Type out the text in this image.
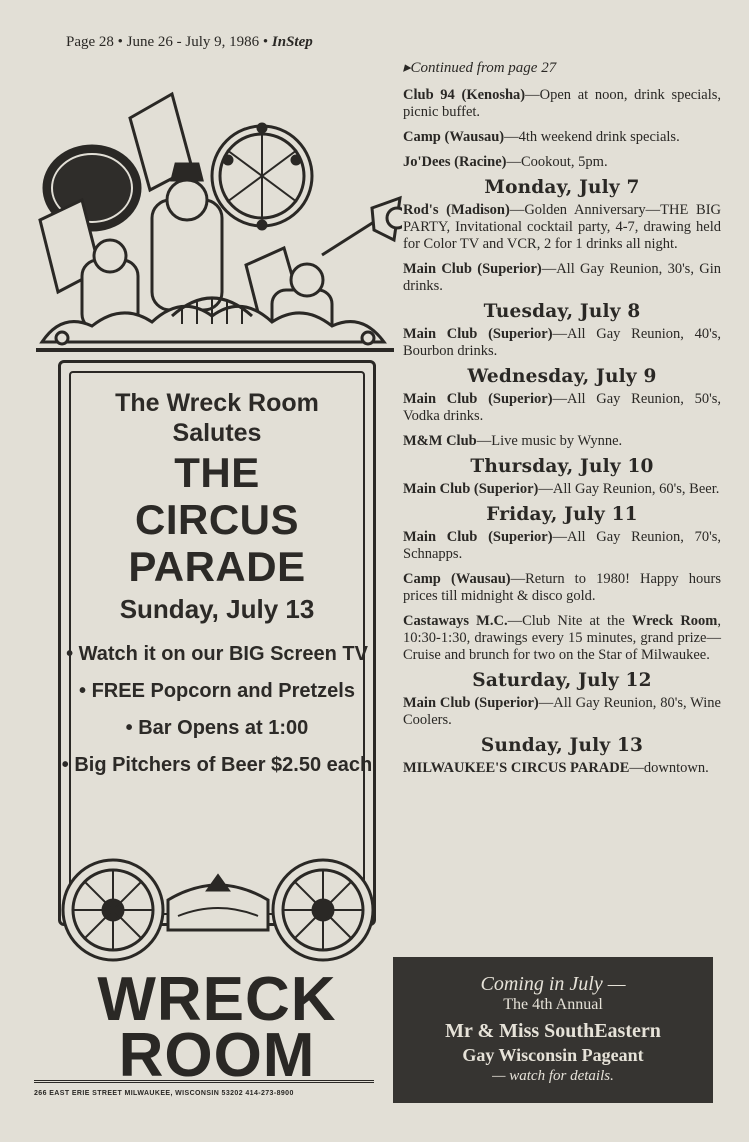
Page 28 • June 26 - July 9, 1986 • InStep
The Wreck Room
Salutes
THE
CIRCUS
PARADE
Sunday, July 13
• Watch it on our BIG Screen TV
• FREE Popcorn and Pretzels
• Bar Opens at 1:00
• Big Pitchers of Beer $2.50 each
WRECK
ROOM
266 EAST ERIE STREET MILWAUKEE, WISCONSIN 53202 414-273-8900
▸Continued from page 27
Club 94 (Kenosha)—Open at noon, drink specials, picnic buffet.
Camp (Wausau)—4th weekend drink specials.
Jo'Dees (Racine)—Cookout, 5pm.
Monday, July 7
Rod's (Madison)—Golden Anniversary—THE BIG PARTY, Invitational cocktail party, 4-7, drawing held for Color TV and VCR, 2 for 1 drinks all night.
Main Club (Superior)—All Gay Reunion, 30's, Gin drinks.
Tuesday, July 8
Main Club (Superior)—All Gay Reunion, 40's, Bourbon drinks.
Wednesday, July 9
Main Club (Superior)—All Gay Reunion, 50's, Vodka drinks.
M&M Club—Live music by Wynne.
Thursday, July 10
Main Club (Superior)—All Gay Reunion, 60's, Beer.
Friday, July 11
Main Club (Superior)—All Gay Reunion, 70's, Schnapps.
Camp (Wausau)—Return to 1980! Happy hours prices till midnight & disco gold.
Castaways M.C.—Club Nite at the Wreck Room, 10:30-1:30, drawings every 15 minutes, grand prize—Cruise and brunch for two on the Star of Milwaukee.
Saturday, July 12
Main Club (Superior)—All Gay Reunion, 80's, Wine Coolers.
Sunday, July 13
MILWAUKEE'S CIRCUS PARADE—downtown.
Coming in July —
The 4th Annual
Mr & Miss SouthEastern
Gay Wisconsin Pageant
— watch for details.
